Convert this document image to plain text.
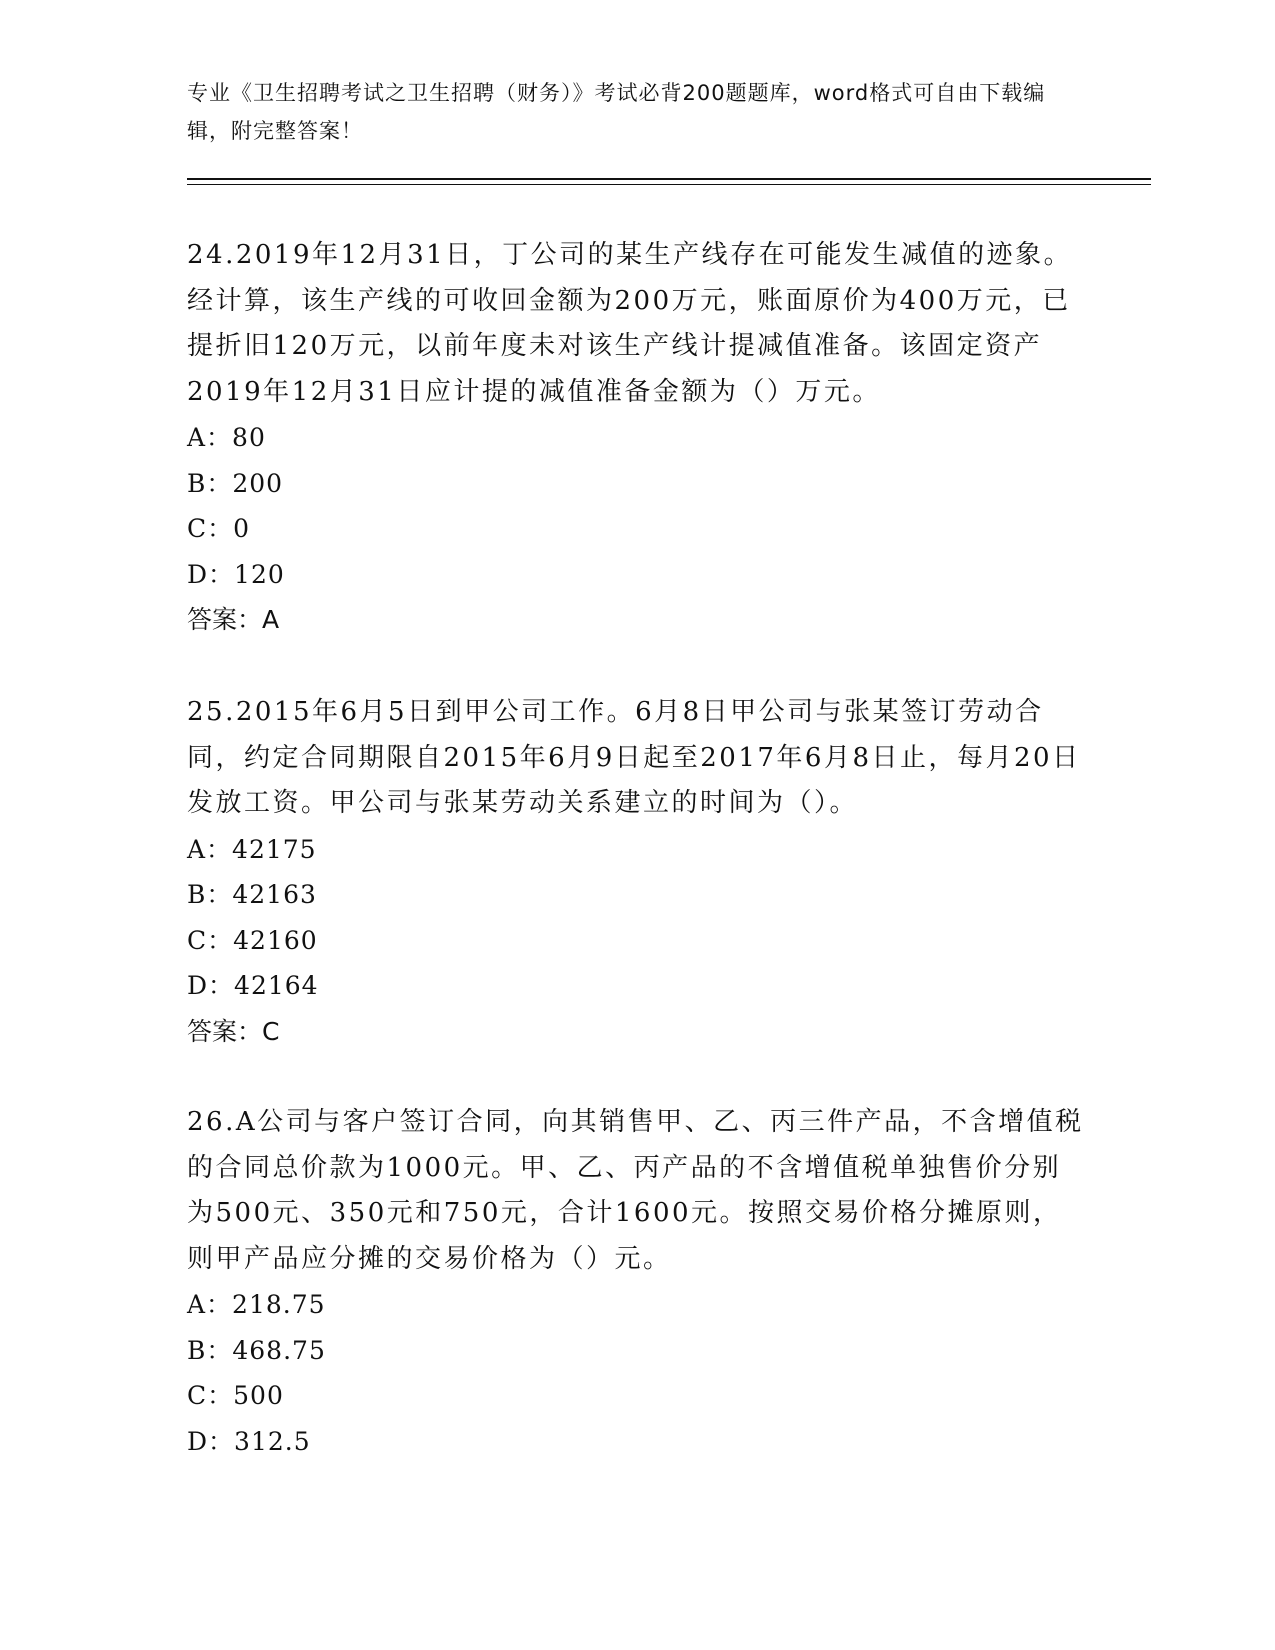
专业《卫生招聘考试之卫生招聘（财务）》考试必背200题题库，word格式可自由下载编辑，附完整答案！

24.2019年12月31日，丁公司的某生产线存在可能发生减值的迹象。经计算，该生产线的可收回金额为200万元，账面原价为400万元，已提折旧120万元，以前年度未对该生产线计提减值准备。该固定资产2019年12月31日应计提的减值准备金额为（）万元。

A：80

B：200

C：0

D：120

答案：A

25.2015年6月5日到甲公司工作。6月8日甲公司与张某签订劳动合同，约定合同期限自2015年6月9日起至2017年6月8日止，每月20日发放工资。甲公司与张某劳动关系建立的时间为（）。

A：42175

B：42163

C：42160

D：42164

答案：C

26.A公司与客户签订合同，向其销售甲、乙、丙三件产品，不含增值税的合同总价款为1000元。甲、乙、丙产品的不含增值税单独售价分别为500元、350元和750元，合计1600元。按照交易价格分摊原则，则甲产品应分摊的交易价格为（）元。

A：218.75

B：468.75

C：500

D：312.5
